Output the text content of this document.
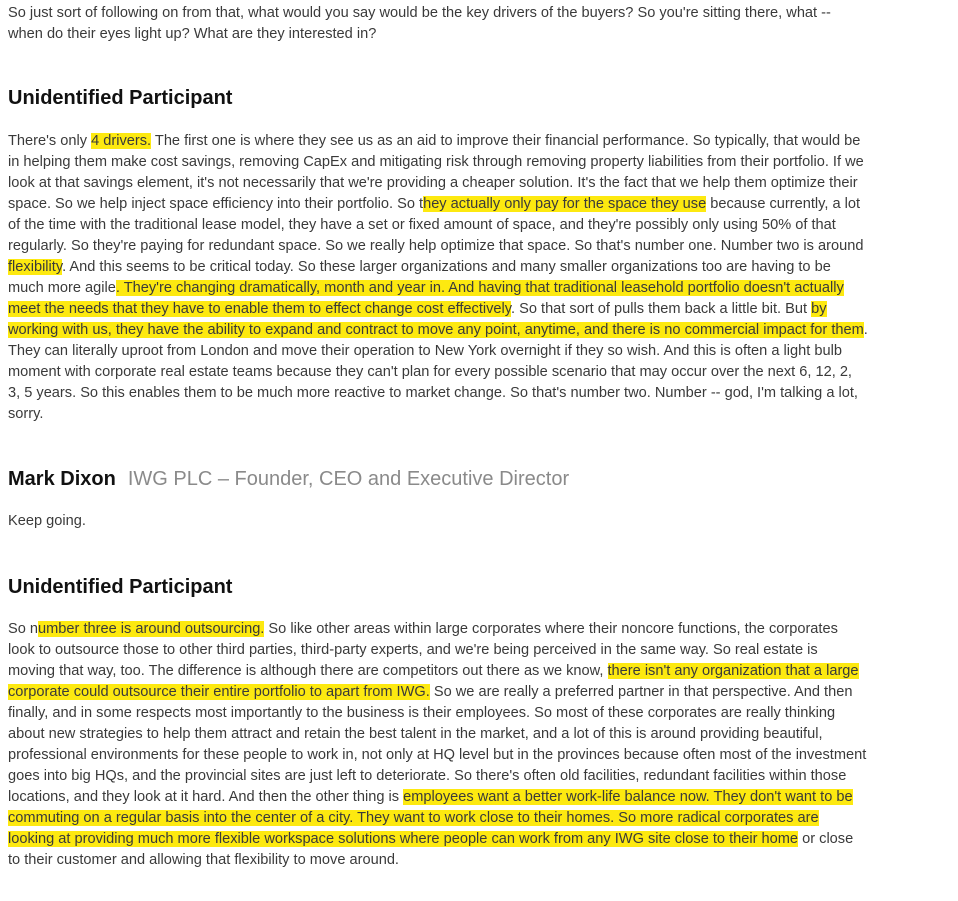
So just sort of following on from that, what would you say would be the key drivers of the buyers? So you're sitting there, what -- when do their eyes light up? What are they interested in?

Unidentified Participant

There's only 4 drivers. The first one is where they see us as an aid to improve their financial performance. So typically, that would be in helping them make cost savings, removing CapEx and mitigating risk through removing property liabilities from their portfolio. If we look at that savings element, it's not necessarily that we're providing a cheaper solution. It's the fact that we help them optimize their space. So we help inject space efficiency into their portfolio. So they actually only pay for the space they use because currently, a lot of the time with the traditional lease model, they have a set or fixed amount of space, and they're possibly only using 50% of that regularly. So they're paying for redundant space. So we really help optimize that space. So that's number one. Number two is around flexibility. And this seems to be critical today. So these larger organizations and many smaller organizations too are having to be much more agile. They're changing dramatically, month and year in. And having that traditional leasehold portfolio doesn't actually meet the needs that they have to enable them to effect change cost effectively. So that sort of pulls them back a little bit. But by working with us, they have the ability to expand and contract to move any point, anytime, and there is no commercial impact for them. They can literally uproot from London and move their operation to New York overnight if they so wish. And this is often a light bulb moment with corporate real estate teams because they can't plan for every possible scenario that may occur over the next 6, 12, 2, 3, 5 years. So this enables them to be much more reactive to market change. So that's number two. Number -- god, I'm talking a lot, sorry.

Mark Dixon IWG PLC – Founder, CEO and Executive Director

Keep going.

Unidentified Participant

So number three is around outsourcing. So like other areas within large corporates where their noncore functions, the corporates look to outsource those to other third parties, third-party experts, and we're being perceived in the same way. So real estate is moving that way, too. The difference is although there are competitors out there as we know, there isn't any organization that a large corporate could outsource their entire portfolio to apart from IWG. So we are really a preferred partner in that perspective. And then finally, and in some respects most importantly to the business is their employees. So most of these corporates are really thinking about new strategies to help them attract and retain the best talent in the market, and a lot of this is around providing beautiful, professional environments for these people to work in, not only at HQ level but in the provinces because often most of the investment goes into big HQs, and the provincial sites are just left to deteriorate. So there's often old facilities, redundant facilities within those locations, and they look at it hard. And then the other thing is employees want a better work-life balance now. They don't want to be commuting on a regular basis into the center of a city. They want to work close to their homes. So more radical corporates are looking at providing much more flexible workspace solutions where people can work from any IWG site close to their home or close to their customer and allowing that flexibility to move around.
